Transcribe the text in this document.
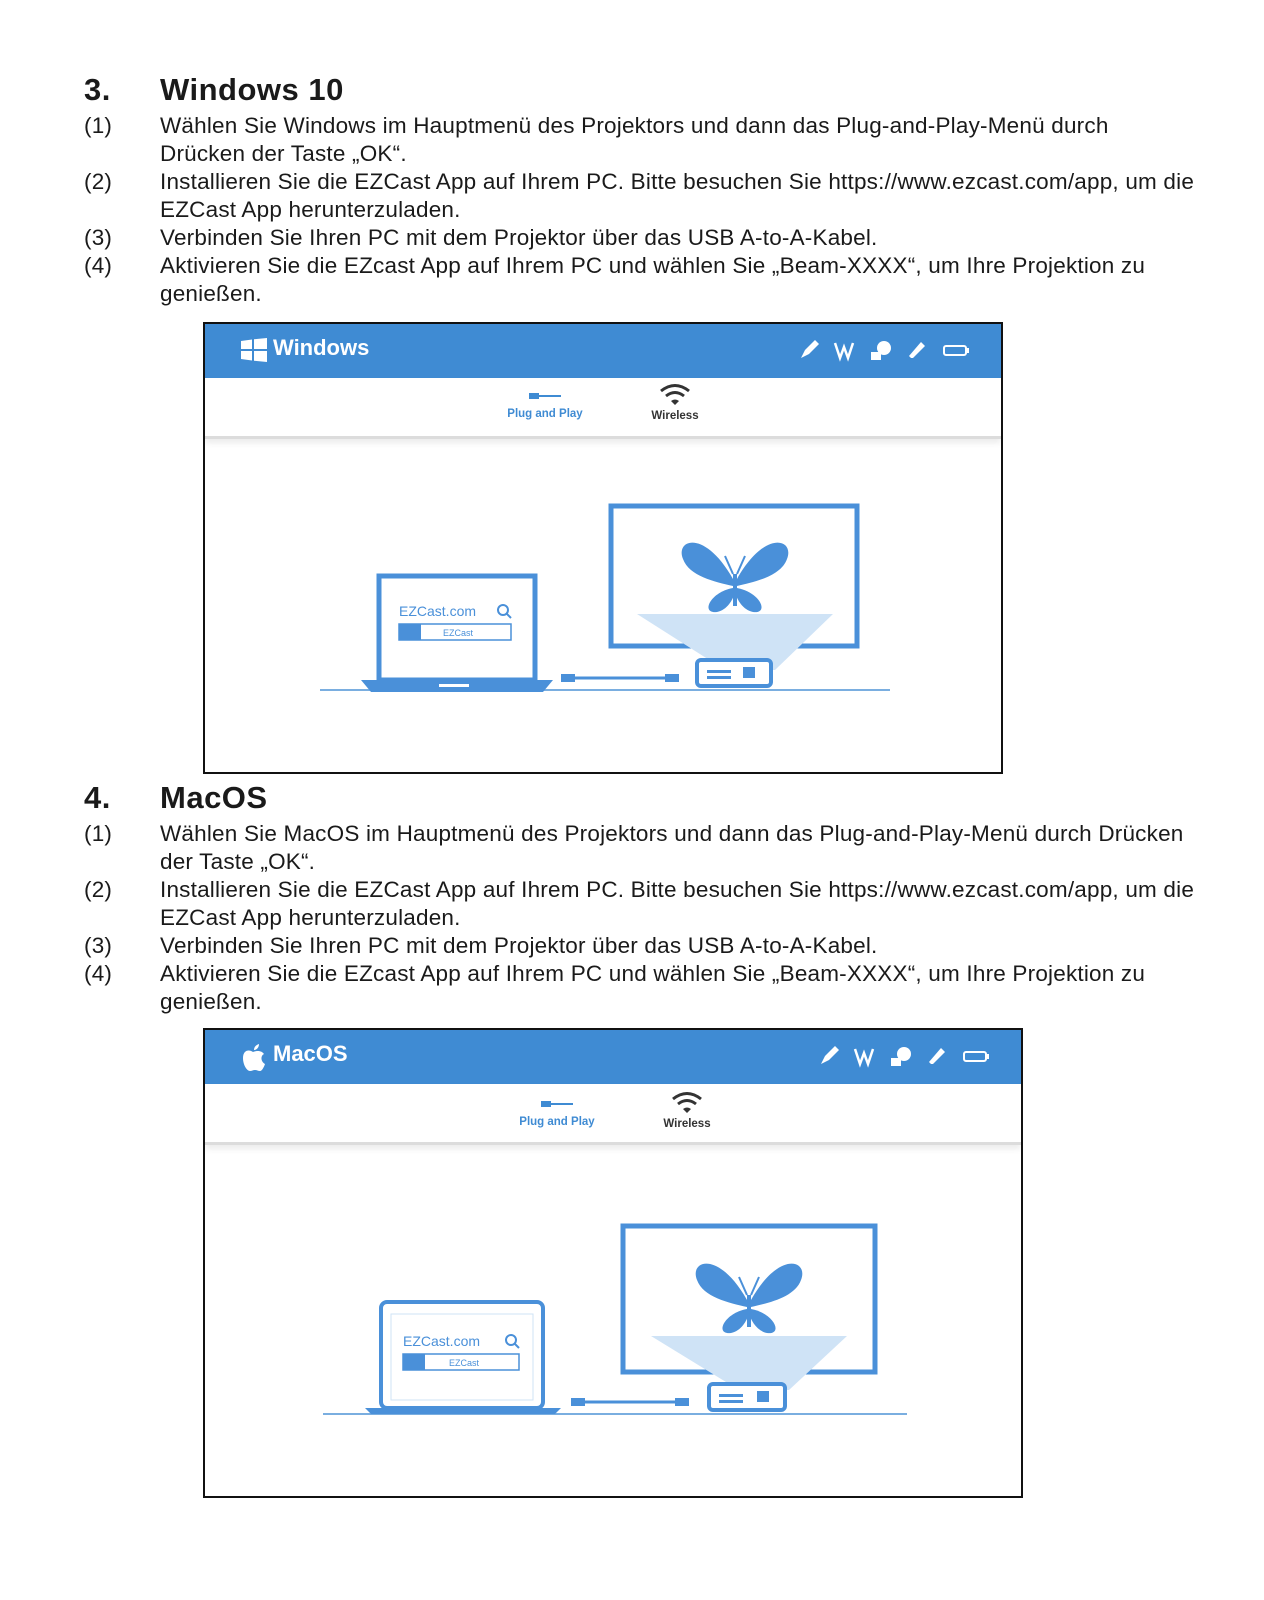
3. Windows 10
(1) Wählen Sie Windows im Hauptmenü des Projektors und dann das Plug-and-Play-Menü durch Drücken der Taste „OK“.
(2) Installieren Sie die EZCast App auf Ihrem PC. Bitte besuchen Sie https://www.ezcast.com/app, um die EZCast App herunterzuladen.
(3) Verbinden Sie Ihren PC mit dem Projektor über das USB A-to-A-Kabel.
(4) Aktivieren Sie die EZcast App auf Ihrem PC und wählen Sie „Beam-XXXX“, um Ihre Projektion zu genießen.
Windows
Plug and Play	Wireless
EZCast.com
EZCast
4. MacOS
(1) Wählen Sie MacOS im Hauptmenü des Projektors und dann das Plug-and-Play-Menü durch Drücken der Taste „OK“.
(2) Installieren Sie die EZCast App auf Ihrem PC. Bitte besuchen Sie https://www.ezcast.com/app, um die EZCast App herunterzuladen.
(3) Verbinden Sie Ihren PC mit dem Projektor über das USB A-to-A-Kabel.
(4) Aktivieren Sie die EZcast App auf Ihrem PC und wählen Sie „Beam-XXXX“, um Ihre Projektion zu genießen.
MacOS
Plug and Play	Wireless
EZCast.com
EZCast
